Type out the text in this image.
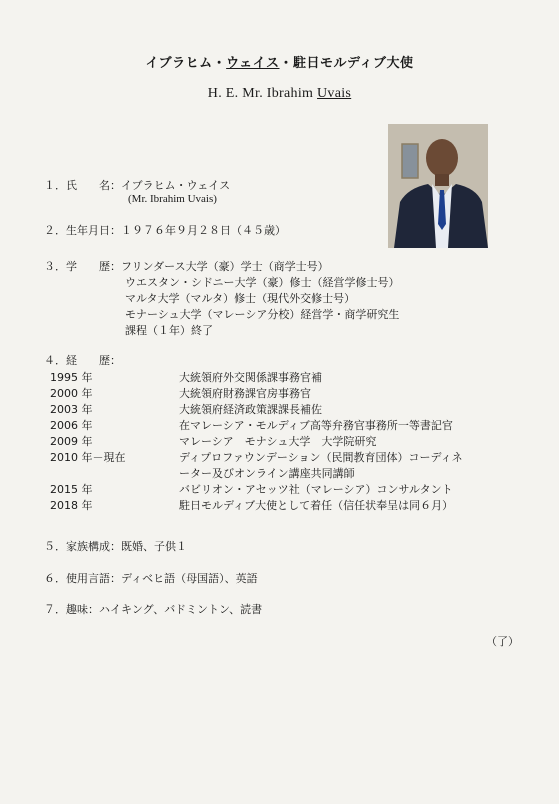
イブラヒム・ウェイス・駐日モルディブ大使
H. E. Mr. Ibrahim Uvais
１．氏　　名：イブラヒム・ウェイス
(Mr. Ibrahim Uvais)
２．生年月日：１９７６年９月２８日（４５歳）
３．学　　歴：フリンダース大学（豪）学士（商学士号）
ウエスタン・シドニー大学（豪）修士（経営学修士号）
マルタ大学（マルタ）修士（現代外交修士号）
モナーシュ大学（マレーシア分校）経営学・商学研究生
課程（１年）終了
４．経　　歴：
1995 年	大統領府外交関係課事務官補
2000 年	大統領府財務課官房事務官
2003 年	大統領府経済政策課課長補佐
2006 年	在マレーシア・モルディブ高等弁務官事務所一等書記官
2009 年	マレーシア　モナシュ大学　大学院研究
2010 年－現在	ディプロファウンデーション（民間教育団体）コーディネ
ーター及びオンライン講座共同講師
2015 年	バビリオン・アセッツ社（マレーシア）コンサルタント
2018 年	駐日モルディブ大使として着任（信任状奉呈は同６月）
５．家族構成：既婚、子供１
６．使用言語：ディベヒ語（母国語）、英語
７．趣味：ハイキング、バドミントン、読書
（了）
